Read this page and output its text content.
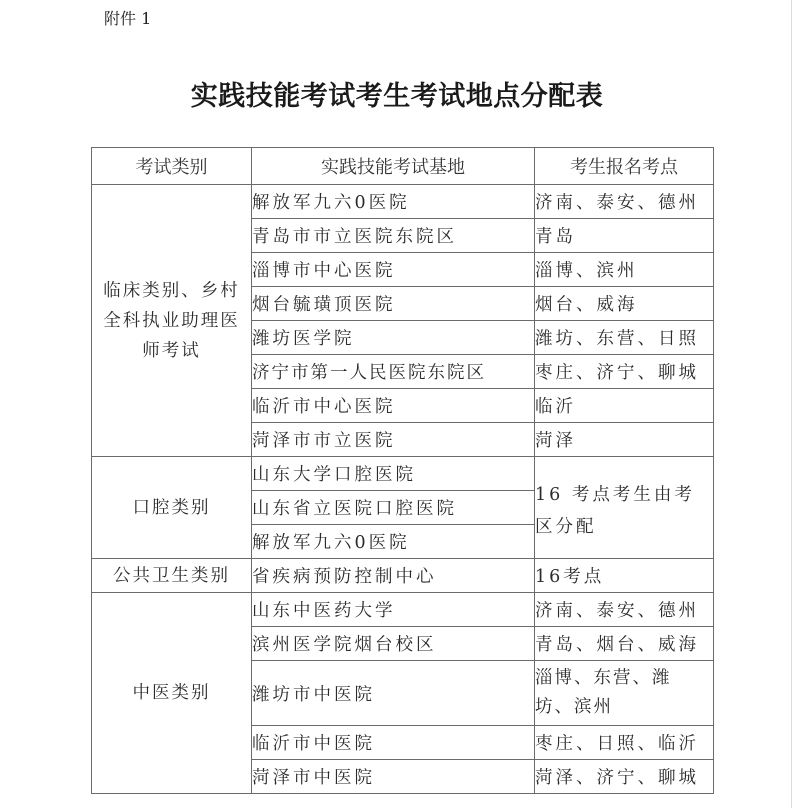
附件 1
实践技能考试考生考试地点分配表
考试类别	实践技能考试基地	考生报名考点
临床类别、乡村全科执业助理医师考试	解放军九六0医院	济南、泰安、德州
	青岛市市立医院东院区	青岛
	淄博市中心医院	淄博、滨州
	烟台毓璜顶医院	烟台、威海
	潍坊医学院	潍坊、东营、日照
	济宁市第一人民医院东院区	枣庄、济宁、聊城
	临沂市中心医院	临沂
	菏泽市市立医院	菏泽
口腔类别	山东大学口腔医院	16 考点考生由考区分配
	山东省立医院口腔医院	
	解放军九六0医院	
公共卫生类别	省疾病预防控制中心	16考点
中医类别	山东中医药大学	济南、泰安、德州
	滨州医学院烟台校区	青岛、烟台、威海
	潍坊市中医院	淄博、东营、潍坊、滨州
	临沂市中医院	枣庄、日照、临沂
	菏泽市中医院	菏泽、济宁、聊城
